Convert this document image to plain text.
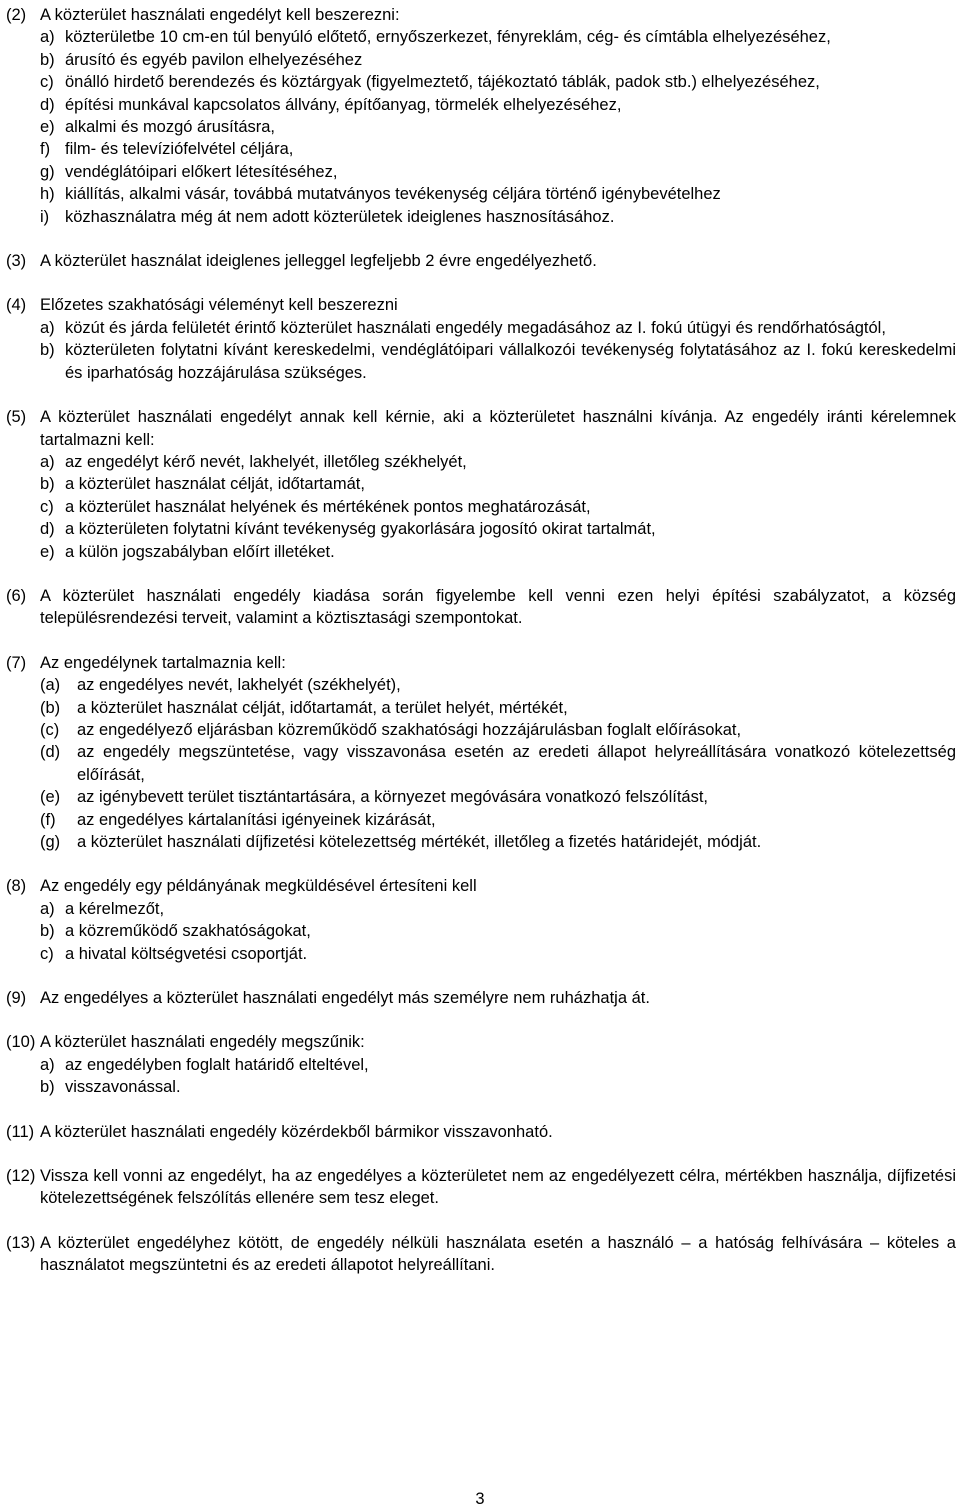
(2) A közterület használati engedélyt kell beszerezni:
a) közterületbe 10 cm-en túl benyúló előtető, ernyőszerkezet, fényreklám, cég- és címtábla elhelyezéséhez,
b) árusító és egyéb pavilon elhelyezéséhez
c) önálló hirdető berendezés és köztárgyak (figyelmeztető, tájékoztató táblák, padok stb.) elhelyezéséhez,
d) építési munkával kapcsolatos állvány, építőanyag, törmelék elhelyezéséhez,
e) alkalmi és mozgó árusításra,
f) film- és televíziófelvétel céljára,
g) vendéglátóipari előkert létesítéséhez,
h) kiállítás, alkalmi vásár, továbbá mutatványos tevékenység céljára történő igénybevételhez
i) közhasználatra még át nem adott közterületek ideiglenes hasznosításához.
(3) A közterület használat ideiglenes jelleggel legfeljebb 2 évre engedélyezhető.
(4) Előzetes szakhatósági véleményt kell beszerezni
a) közút és járda felületét érintő közterület használati engedély megadásához az I. fokú útügyi és rendőrhatóságtól,
b) közterületen folytatni kívánt kereskedelmi, vendéglátóipari vállalkozói tevékenység folytatásához az I. fokú kereskedelmi és iparhatóság hozzájárulása szükséges.
(5) A közterület használati engedélyt annak kell kérnie, aki a közterületet használni kívánja. Az engedély iránti kérelemnek tartalmazni kell:
a) az engedélyt kérő nevét, lakhelyét, illetőleg székhelyét,
b) a közterület használat célját, időtartamát,
c) a közterület használat helyének és mértékének pontos meghatározását,
d) a közterületen folytatni kívánt tevékenység gyakorlására jogosító okirat tartalmát,
e) a külön jogszabályban előírt illetéket.
(6) A közterület használati engedély kiadása során figyelembe kell venni ezen helyi építési szabályzatot, a község településrendezési terveit, valamint a köztisztasági szempontokat.
(7) Az engedélynek tartalmaznia kell:
(a)	az engedélyes nevét, lakhelyét (székhelyét),
(b)	a közterület használat célját, időtartamát, a terület helyét, mértékét,
(c)	az engedélyező eljárásban közreműködő szakhatósági hozzájárulásban foglalt előírásokat,
(d)	az engedély megszüntetése, vagy visszavonása esetén az eredeti állapot helyreállítására vonatkozó kötelezettség előírását,
(e)	az igénybevett terület tisztántartására, a környezet megóvására vonatkozó felszólítást,
(f)	az engedélyes kártalanítási igényeinek kizárását,
(g)	a közterület használati díjfizetési kötelezettség mértékét, illetőleg a fizetés határidejét, módját.
(8) Az engedély egy példányának megküldésével értesíteni kell
a) a kérelmezőt,
b) a közreműködő szakhatóságokat,
c) a hivatal költségvetési csoportját.
(9) Az engedélyes a közterület használati engedélyt más személyre nem ruházhatja át.
(10) A közterület használati engedély megszűnik:
a) az engedélyben foglalt határidő elteltével,
b) visszavonással.
(11) A közterület használati engedély közérdekből bármikor visszavonható.
(12) Vissza kell vonni az engedélyt, ha az engedélyes a közterületet nem az engedélyezett célra, mértékben használja, díjfizetési kötelezettségének felszólítás ellenére sem tesz eleget.
(13) A közterület engedélyhez kötött, de engedély nélküli használata esetén a használó – a hatóság felhívására – köteles a használatot megszüntetni és az eredeti állapotot helyreállítani.
3
